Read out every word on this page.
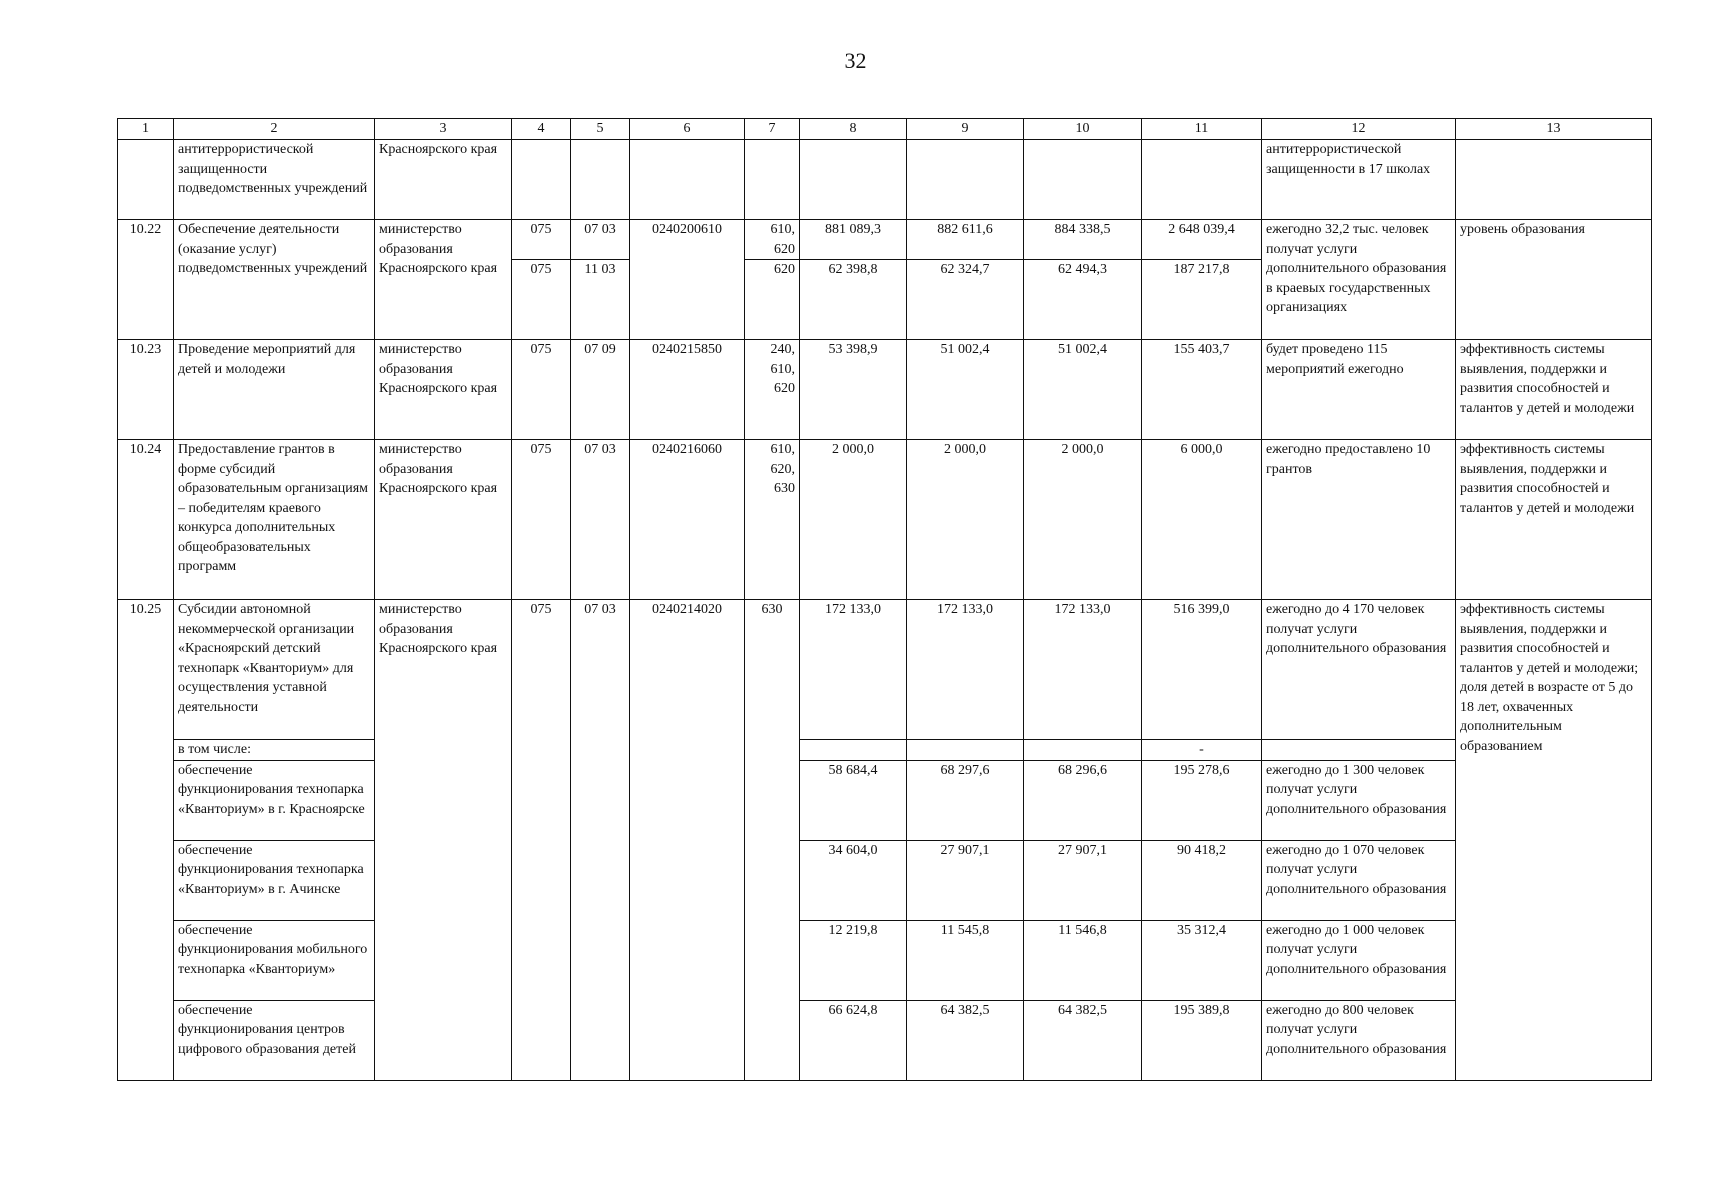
32
1	2	3	4	5	6	7	8	9	10	11	12	13
	антитеррористической защищенности подведомственных учреждений	Красноярского края									антитеррористической защищенности в 17 школах	
10.22	Обеспечение деятельности (оказание услуг) подведомственных учреждений	министерство образования Красноярского края	075	07 03	0240200610	610, 620	881 089,3	882 611,6	884 338,5	2 648 039,4	ежегодно 32,2 тыс. человек получат услуги дополнительного образования в краевых государственных организациях	уровень образования
			075	11 03		620	62 398,8	62 324,7	62 494,3	187 217,8		
10.23	Проведение мероприятий для детей и молодежи	министерство образования Красноярского края	075	07 09	0240215850	240, 610, 620	53 398,9	51 002,4	51 002,4	155 403,7	будет проведено 115 мероприятий ежегодно	эффективность системы выявления, поддержки и развития способностей и талантов у детей и молодежи
10.24	Предоставление грантов в форме субсидий образовательным организациям – победителям краевого конкурса дополнительных общеобразовательных программ	министерство образования Красноярского края	075	07 03	0240216060	610, 620, 630	2 000,0	2 000,0	2 000,0	6 000,0	ежегодно предоставлено 10 грантов	эффективность системы выявления, поддержки и развития способностей и талантов у детей и молодежи
10.25	Субсидии автономной некоммерческой организации «Красноярский детский технопарк «Кванториум» для осуществления уставной деятельности	министерство образования Красноярского края	075	07 03	0240214020	630	172 133,0	172 133,0	172 133,0	516 399,0	ежегодно до 4 170 человек получат услуги дополнительного образования	эффективность системы выявления, поддержки и развития способностей и талантов у детей и молодежи; доля детей в возрасте от 5 до 18 лет, охваченных дополнительным образованием
	в том числе:									-		
	обеспечение функционирования технопарка «Кванториум» в г. Красноярске						58 684,4	68 297,6	68 296,6	195 278,6	ежегодно до 1 300 человек получат услуги дополнительного образования	
	обеспечение функционирования технопарка «Кванториум» в г. Ачинске						34 604,0	27 907,1	27 907,1	90 418,2	ежегодно до 1 070 человек получат услуги дополнительного образования	
	обеспечение функционирования мобильного технопарка «Кванториум»						12 219,8	11 545,8	11 546,8	35 312,4	ежегодно до 1 000 человек получат услуги дополнительного образования	
	обеспечение функционирования центров цифрового образования детей						66 624,8	64 382,5	64 382,5	195 389,8	ежегодно до 800 человек получат услуги дополнительного образования	
